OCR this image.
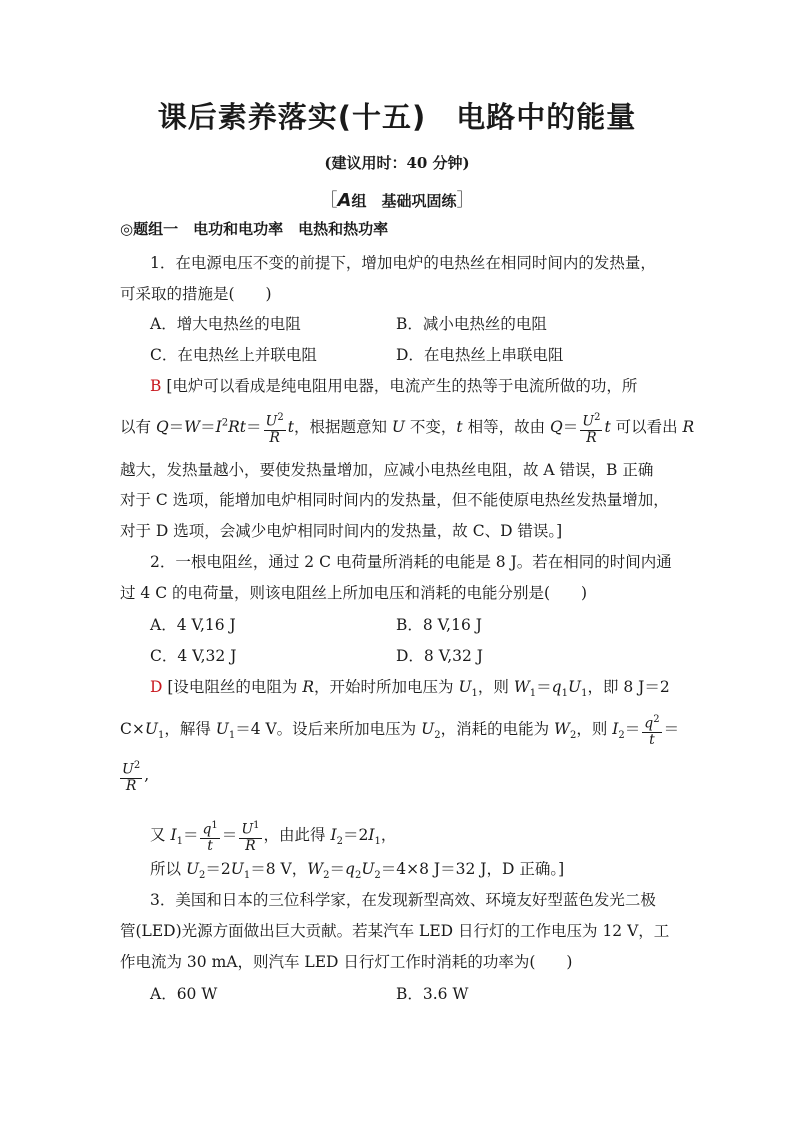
课后素养落实(十五) 电路中的能量
(建议用时：40 分钟)
［A组　基础巩固练］
◎题组一　电功和电功率　电热和热功率
1．在电源电压不变的前提下，增加电炉的电热丝在相同时间内的发热量，
可采取的措施是(　　)
A．增大电热丝的电阻	B．减小电热丝的电阻
C．在电热丝上并联电阻	D．在电热丝上串联电阻
B [电炉可以看成是纯电阻用电器，电流产生的热等于电流所做的功，所
以有 $Q=W=I^2Rt= \frac{U^2}{R}$ t，根据题意知 U 不变，t 相等，故由 $Q= \frac{U^2}{R}$ t 可以看出 R
越大，发热量越小，要使发热量增加，应减小电热丝电阻，故 A 错误，B 正确
对于 C 选项，能增加电炉相同时间内的发热量，但不能使原电热丝发热量增加，
对于 D 选项，会减少电炉相同时间内的发热量，故 C、D 错误。]
2．一根电阻丝，通过 2 C 电荷量所消耗的电能是 8 J。若在相同的时间内通
过 4 C 的电荷量，则该电阻丝上所加电压和消耗的电能分别是(　　)
A．4 V,16 J	B．8 V,16 J
C．4 V,32 J	D．8 V,32 J
D [设电阻丝的电阻为 R，开始时所加电压为 $U_1$，则 $W_1=q_1U_1$，即 8 J＝2
$C\times U_1$，解得 $U_1=4$ V。设后来所加电压为 $U_2$，消耗的电能为 $W_2$，则 $I_2= \frac{q^2}{t}$ ＝
$\frac{U^2}{R}$ ,
又 $I_1= \frac{q^1}{t} = \frac{U^1}{R}$ ，由此得 $I_2=2I_1$，
所以 $U_2=2U_1=8$ V，$W_2=q_2U_2=4\times 8$ J＝32 J，D 正确。]
3．美国和日本的三位科学家，在发现新型高效、环境友好型蓝色发光二极
管(LED)光源方面做出巨大贡献。若某汽车 LED 日行灯的工作电压为 12 V，工
作电流为 30 mA，则汽车 LED 日行灯工作时消耗的功率为(　　)
A．60 W	B．3.6 W
